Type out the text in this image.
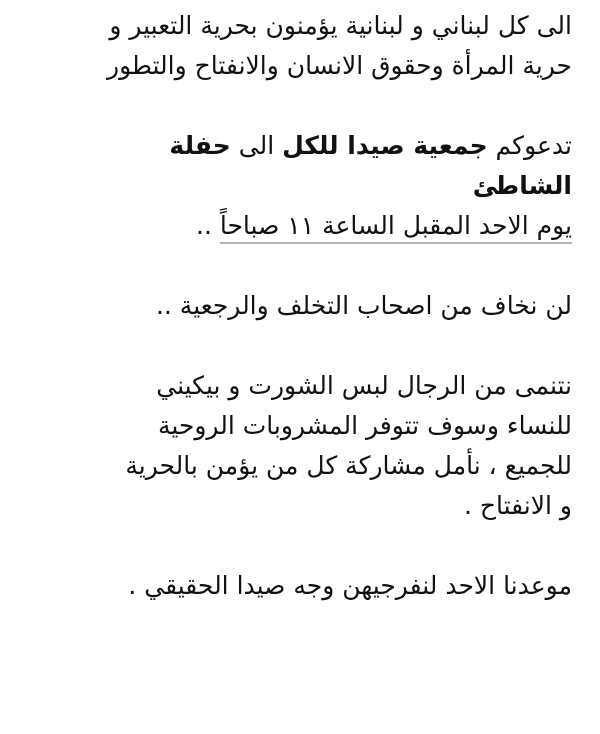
الى كل لبناني و لبنانية يؤمنون بحرية التعبير و
حرية المرأة وحقوق الانسان والانفتاح والتطور
تدعوكم جمعية صيدا للكل الى حفلة
الشاطئ
يوم الاحد المقبل الساعة ١١ صباحاً ..
لن نخاف من اصحاب التخلف والرجعية ..
نتنمى من الرجال لبس الشورت و بيكيني
للنساء وسوف تتوفر المشروبات الروحية
للجميع ، نأمل مشاركة كل من يؤمن بالحرية
و الانفتاح .
موعدنا الاحد لنفرجيهن وجه صيدا الحقيقي .
